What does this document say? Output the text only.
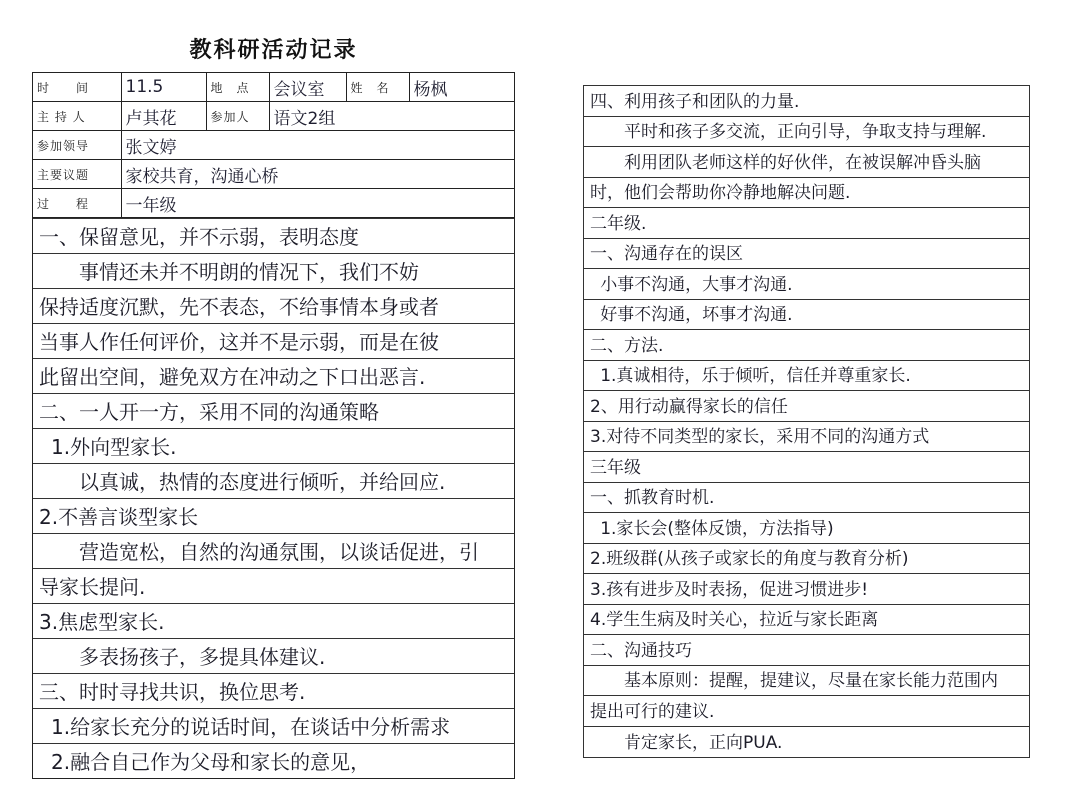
教科研活动记录
时　　间	11.5	地　点	会议室	姓　名	杨枫
主 持 人	卢其花	参加人	语文2组		
参加领导	张文婷				
主要议题	家校共育，沟通心桥				
过　　程	一年级				
一、保留意见，并不示弱，表明态度
事情还未并不明朗的情况下，我们不妨
保持适度沉默，先不表态，不给事情本身或者
当事人作任何评价，这并不是示弱，而是在彼
此留出空间，避免双方在冲动之下口出恶言.
二、一人开一方，采用不同的沟通策略
1.外向型家长.
以真诚，热情的态度进行倾听，并给回应.
2.不善言谈型家长
营造宽松，自然的沟通氛围，以谈话促进，引
导家长提问.
3.焦虑型家长.
多表扬孩子，多提具体建议.
三、时时寻找共识，换位思考.
1.给家长充分的说话时间，在谈话中分析需求
2.融合自己作为父母和家长的意见，
四、利用孩子和团队的力量.
平时和孩子多交流，正向引导，争取支持与理解.
利用团队老师这样的好伙伴，在被误解冲昏头脑
时，他们会帮助你冷静地解决问题.
二年级.
一、沟通存在的误区
小事不沟通，大事才沟通.
好事不沟通，坏事才沟通.
二、方法.
1.真诚相待，乐于倾听，信任并尊重家长.
2、用行动赢得家长的信任
3.对待不同类型的家长，采用不同的沟通方式
三年级
一、抓教育时机.
1.家长会(整体反馈，方法指导)
2.班级群(从孩子或家长的角度与教育分析)
3.孩有进步及时表扬，促进习惯进步!
4.学生生病及时关心，拉近与家长距离
二、沟通技巧
基本原则：提醒，提建议，尽量在家长能力范围内
提出可行的建议.
肯定家长，正向PUA.
